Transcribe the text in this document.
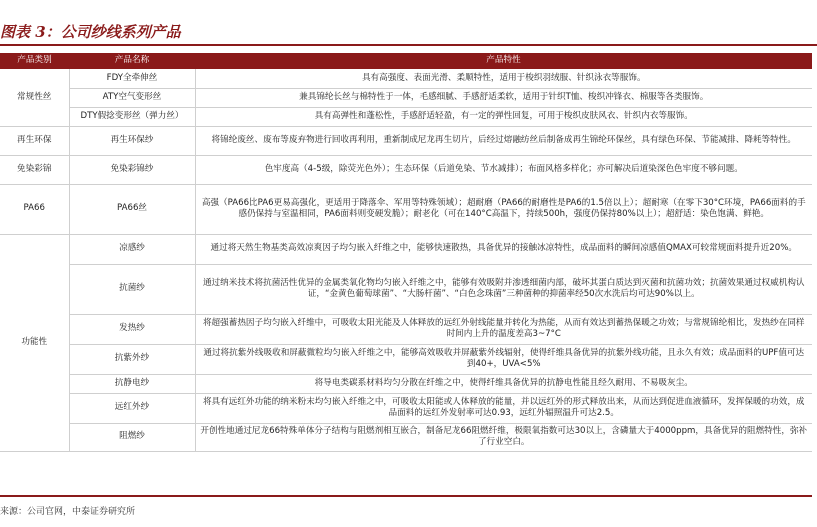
图表 3：公司纱线系列产品
产品类别	产品名称	产品特性
常规性丝	FDY全牵伸丝	具有高强度、表面光滑、柔顺特性，适用于梭织羽绒服、针织泳衣等服饰。
	ATY空气变形丝	兼具锦纶长丝与棉特性于一体，毛感细腻、手感舒适柔软，适用于针织T恤、梭织冲锋衣、棉服等各类服饰。
	DTY假捻变形丝（弹力丝）	具有高弹性和蓬松性，手感舒适轻盈，有一定的弹性回复，可用于梭织皮肤风衣、针织内衣等服饰。
再生环保	再生环保纱	将锦纶废丝、废布等废弃物进行回收再利用，重新制成尼龙再生切片，后经过熔融纺丝后制备成再生锦纶环保丝，具有绿色环保、节能减排、降耗等特性。
免染彩锦	免染彩锦纱	色牢度高（4-5级，除荧光色外）；生态环保（后道免染、节水减排）；布面风格多样化；亦可解决后道染深色色牢度不够问题。
PA66	PA66丝	高强（PA66比PA6更易高强化，更适用于降落伞、军用等特殊领域）；超耐磨（PA66的耐磨性是PA6的1.5倍以上）；超耐寒（在零下30°C环境，PA66面料的手感仍保持与室温相同，PA6面料则变硬发脆）；耐老化（可在140°C高温下，持续500h，强度仍保持80%以上）；超舒适：染色饱满、鲜艳。
功能性	凉感纱	通过将天然生物基类高效凉爽因子均匀嵌入纤维之中，能够快速散热，具备优异的接触冰凉特性，成品面料的瞬间凉感值QMAX可较常规面料提升近20%。
	抗菌纱	通过纳米技术将抗菌活性优异的金属类氧化物均匀嵌入纤维之中，能够有效吸附并渗透细菌内部，破坏其蛋白质达到灭菌和抗菌功效；抗菌效果通过权威机构认证，“金黄色葡萄球菌”、“大肠杆菌”、“白色念珠菌”三种菌种的抑菌率经50次水洗后均可达90%以上。
	发热纱	将超强蓄热因子均匀嵌入纤维中，可吸收太阳光能及人体释放的远红外射线能量并转化为热能，从而有效达到蓄热保暖之功效；与常规锦纶相比，发热纱在同样时间内上升的温度差高3~7°C
	抗紫外纱	通过将抗紫外线吸收和屏蔽微粒均匀嵌入纤维之中，能够高效吸收并屏蔽紫外线辐射，使得纤维具备优异的抗紫外线功能，且永久有效；成品面料的UPF值可达到40+，UVA<5%
	抗静电纱	将导电类碳系材料均匀分散在纤维之中，使得纤维具备优异的抗静电性能且经久耐用、不易吸灰尘。
	远红外纱	将具有远红外功能的纳米粉末均匀嵌入纤维之中，可吸收太阳能或人体释放的能量，并以远红外的形式释放出来，从而达到促进血液循环，发挥保暖的功效，成品面料的远红外发射率可达0.93，远红外辐照温升可达2.5。
	阻燃纱	开创性地通过尼龙66特殊单体分子结构与阻燃剂相互嵌合，制备尼龙66阻燃纤维，极限氧指数可达30以上，含磷量大于4000ppm，具备优异的阻燃特性，弥补了行业空白。
来源：公司官网，中泰证券研究所
